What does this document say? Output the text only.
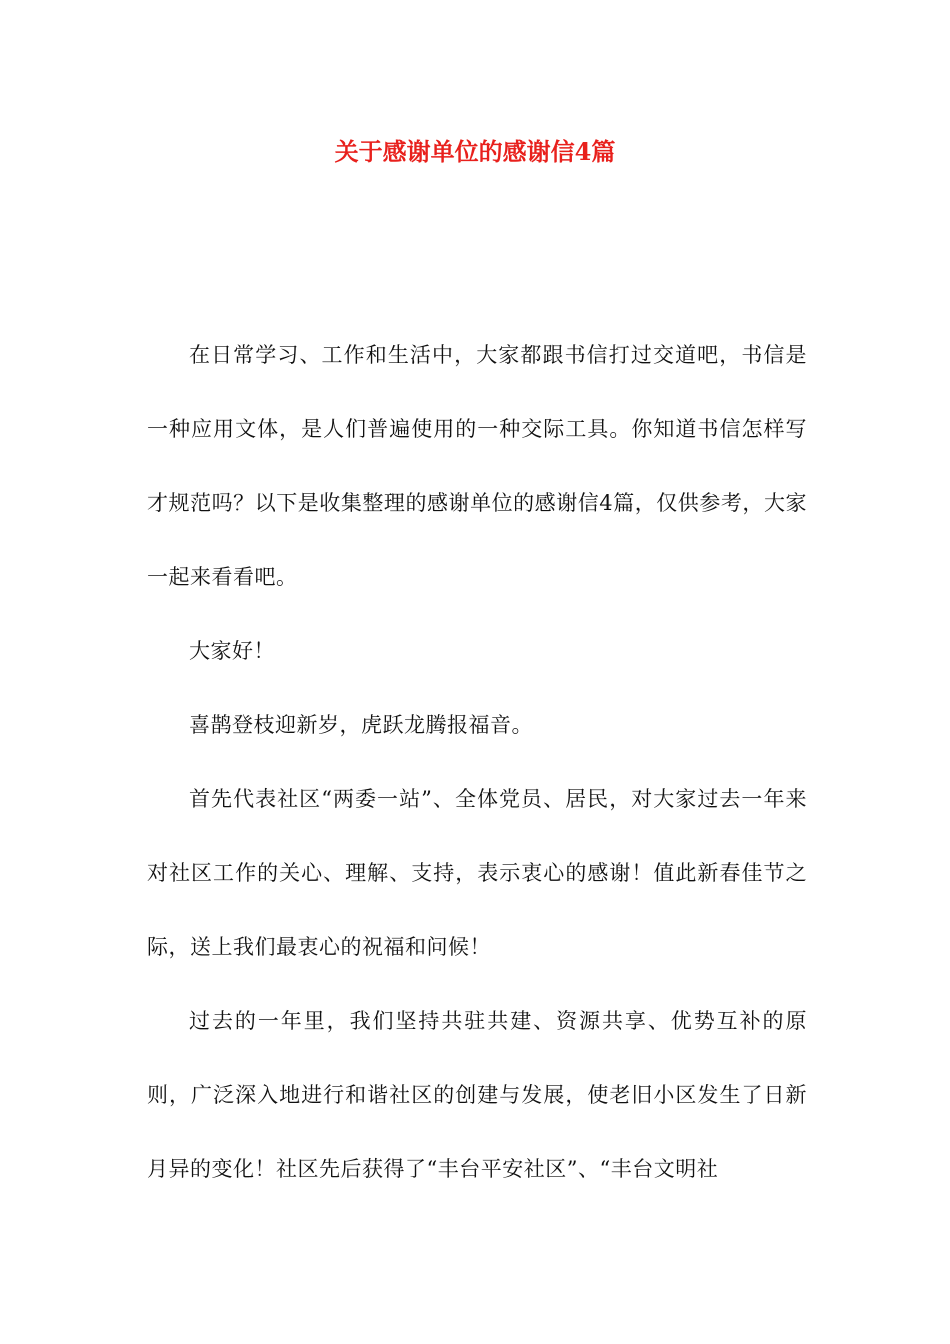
关于感谢单位的感谢信4篇

在日常学习、工作和生活中，大家都跟书信打过交道吧，书信是一种应用文体，是人们普遍使用的一种交际工具。你知道书信怎样写才规范吗？以下是收集整理的感谢单位的感谢信4篇，仅供参考，大家一起来看看吧。

大家好！

喜鹊登枝迎新岁，虎跃龙腾报福音。

首先代表社区“两委一站”、全体党员、居民，对大家过去一年来对社区工作的关心、理解、支持，表示衷心的感谢！值此新春佳节之际，送上我们最衷心的祝福和问候！

过去的一年里，我们坚持共驻共建、资源共享、优势互补的原则，广泛深入地进行和谐社区的创建与发展，使老旧小区发生了日新月异的变化！社区先后获得了“丰台平安社区”、“丰台文明社
